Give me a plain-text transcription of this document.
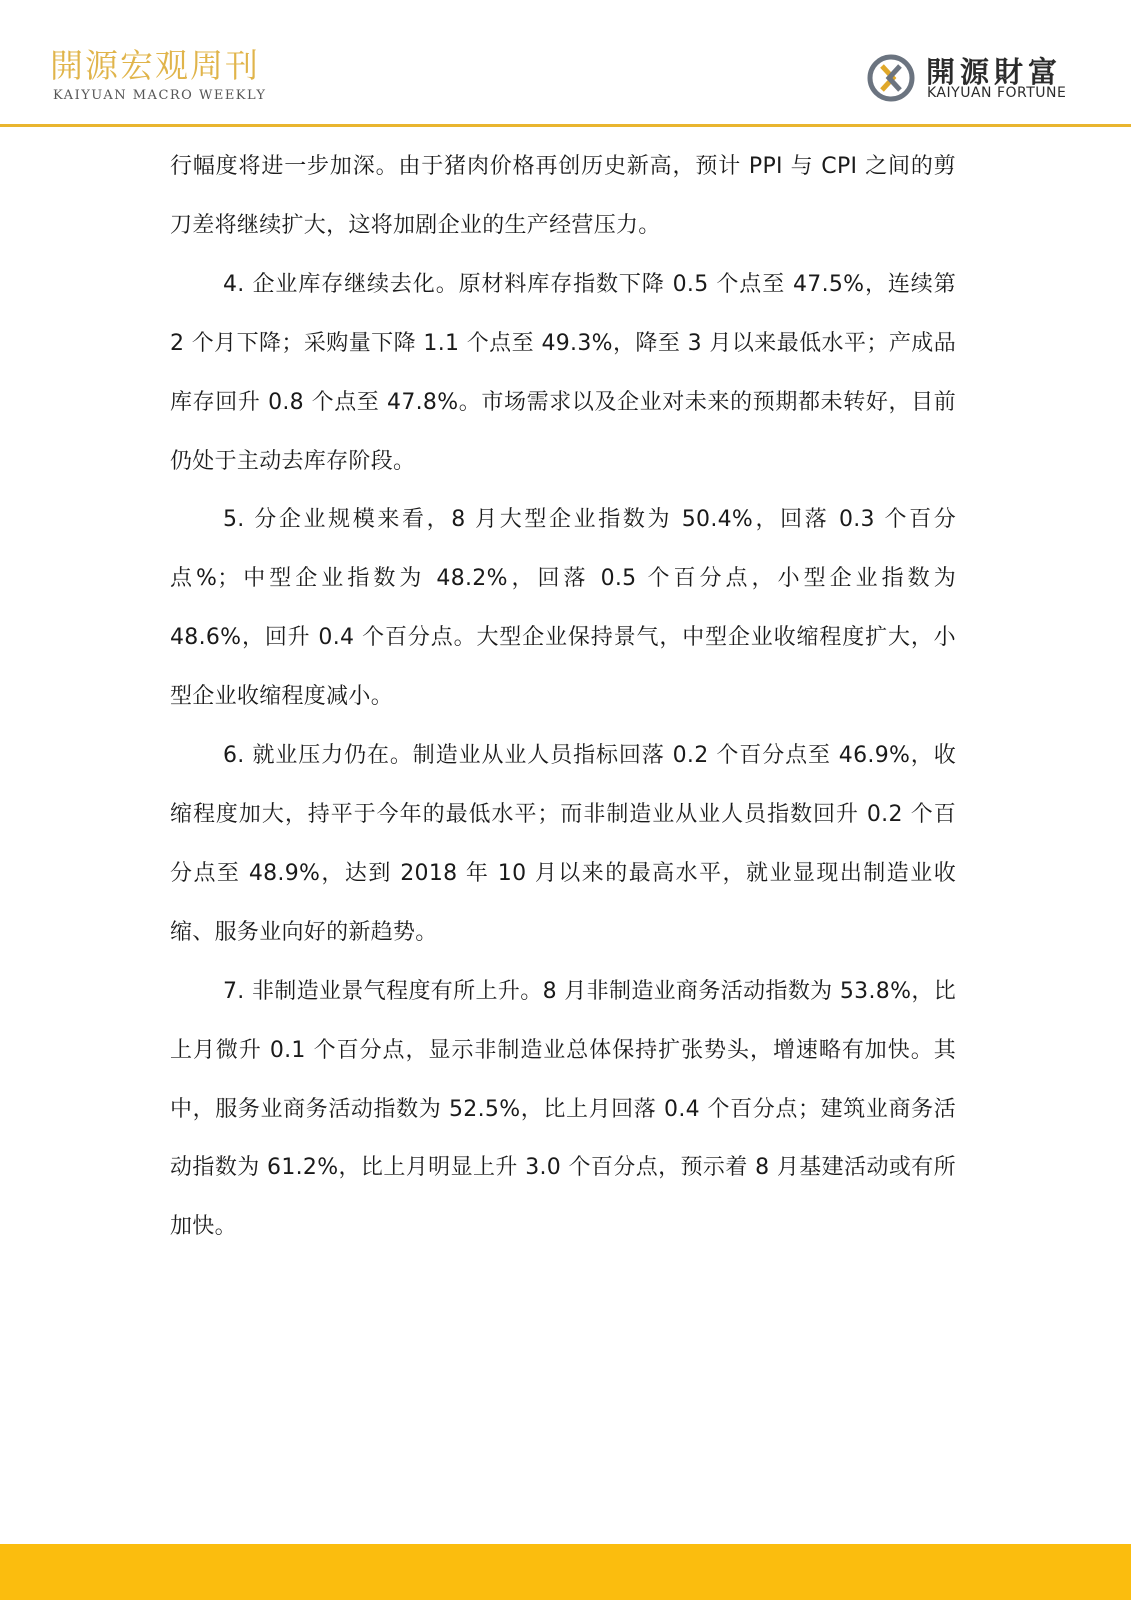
開源宏观周刊
KAIYUAN MACRO WEEKLY
開源財富
KAIYUAN FORTUNE

行幅度将进一步加深。由于猪肉价格再创历史新高，预计 PPI 与 CPI 之间的剪刀差将继续扩大，这将加剧企业的生产经营压力。

4. 企业库存继续去化。原材料库存指数下降 0.5 个点至 47.5%，连续第 2 个月下降；采购量下降 1.1 个点至 49.3%，降至 3 月以来最低水平；产成品库存回升 0.8 个点至 47.8%。市场需求以及企业对未来的预期都未转好，目前仍处于主动去库存阶段。

5. 分企业规模来看，8 月大型企业指数为 50.4%，回落 0.3 个百分点%；中型企业指数为 48.2%，回落 0.5 个百分点，小型企业指数为 48.6%，回升 0.4 个百分点。大型企业保持景气，中型企业收缩程度扩大，小型企业收缩程度减小。

6. 就业压力仍在。制造业从业人员指标回落 0.2 个百分点至 46.9%，收缩程度加大，持平于今年的最低水平；而非制造业从业人员指数回升 0.2 个百分点至 48.9%，达到 2018 年 10 月以来的最高水平，就业显现出制造业收缩、服务业向好的新趋势。

7. 非制造业景气程度有所上升。8 月非制造业商务活动指数为 53.8%，比上月微升 0.1 个百分点，显示非制造业总体保持扩张势头，增速略有加快。其中，服务业商务活动指数为 52.5%，比上月回落 0.4 个百分点；建筑业商务活动指数为 61.2%，比上月明显上升 3.0 个百分点，预示着 8 月基建活动或有所加快。
